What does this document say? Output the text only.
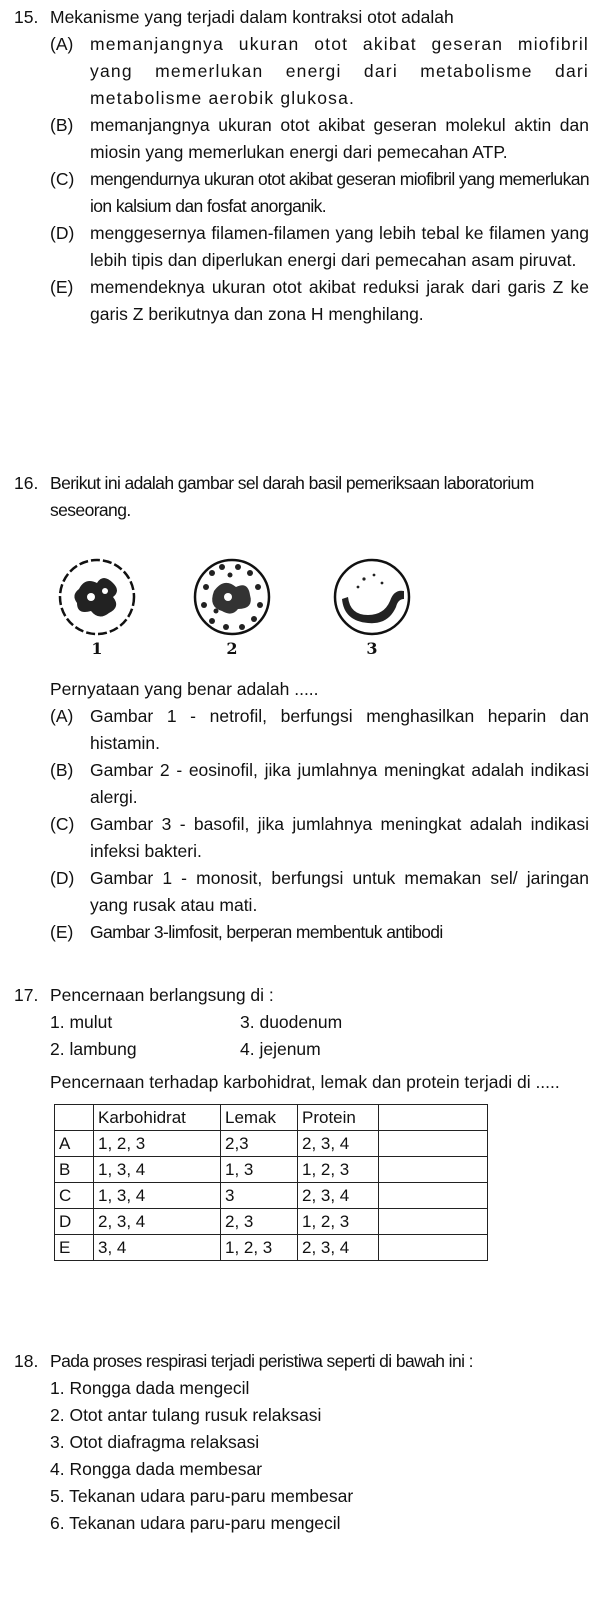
15. Mekanisme yang terjadi dalam kontraksi otot adalah
(A) memanjangnya ukuran otot akibat geseran miofibril yang memerlukan energi dari metabolisme dari metabolisme aerobik glukosa.
(B) memanjangnya ukuran otot akibat geseran molekul aktin dan miosin yang memerlukan energi dari pemecahan ATP.
(C) mengendurnya ukuran otot akibat geseran miofibril yang memerlukan ion kalsium dan fosfat anorganik.
(D) menggesernya filamen-filamen yang lebih tebal ke filamen yang lebih tipis dan diperlukan energi dari pemecahan asam piruvat.
(E) memendeknya ukuran otot akibat reduksi jarak dari garis Z ke garis Z berikutnya dan zona H menghilang.
16. Berikut ini adalah gambar sel darah basil pemeriksaan laboratorium seseorang.
1	2	3
Pernyataan yang benar adalah .....
(A) Gambar 1 - netrofil, berfungsi menghasilkan heparin dan histamin.
(B) Gambar 2 - eosinofil, jika jumlahnya meningkat adalah indikasi alergi.
(C) Gambar 3 - basofil, jika jumlahnya meningkat adalah indikasi infeksi bakteri.
(D) Gambar 1 - monosit, berfungsi untuk memakan sel/ jaringan yang rusak atau mati.
(E) Gambar 3-limfosit, berperan membentuk antibodi
17. Pencernaan berlangsung di :
1. mulut	3. duodenum
2. lambung	4. jejenum
Pencernaan terhadap karbohidrat, lemak dan protein terjadi di .....
	Karbohidrat	Lemak	Protein	
A	1, 2, 3	2,3	2, 3, 4	
B	1, 3, 4	1, 3	1, 2, 3	
C	1, 3, 4	3	2, 3, 4	
D	2, 3, 4	2, 3	1, 2, 3	
E	3, 4	1, 2, 3	2, 3, 4	
18. Pada proses respirasi terjadi peristiwa seperti di bawah ini :
1. Rongga dada mengecil
2. Otot antar tulang rusuk relaksasi
3. Otot diafragma relaksasi
4. Rongga dada membesar
5. Tekanan udara paru-paru membesar
6. Tekanan udara paru-paru mengecil
